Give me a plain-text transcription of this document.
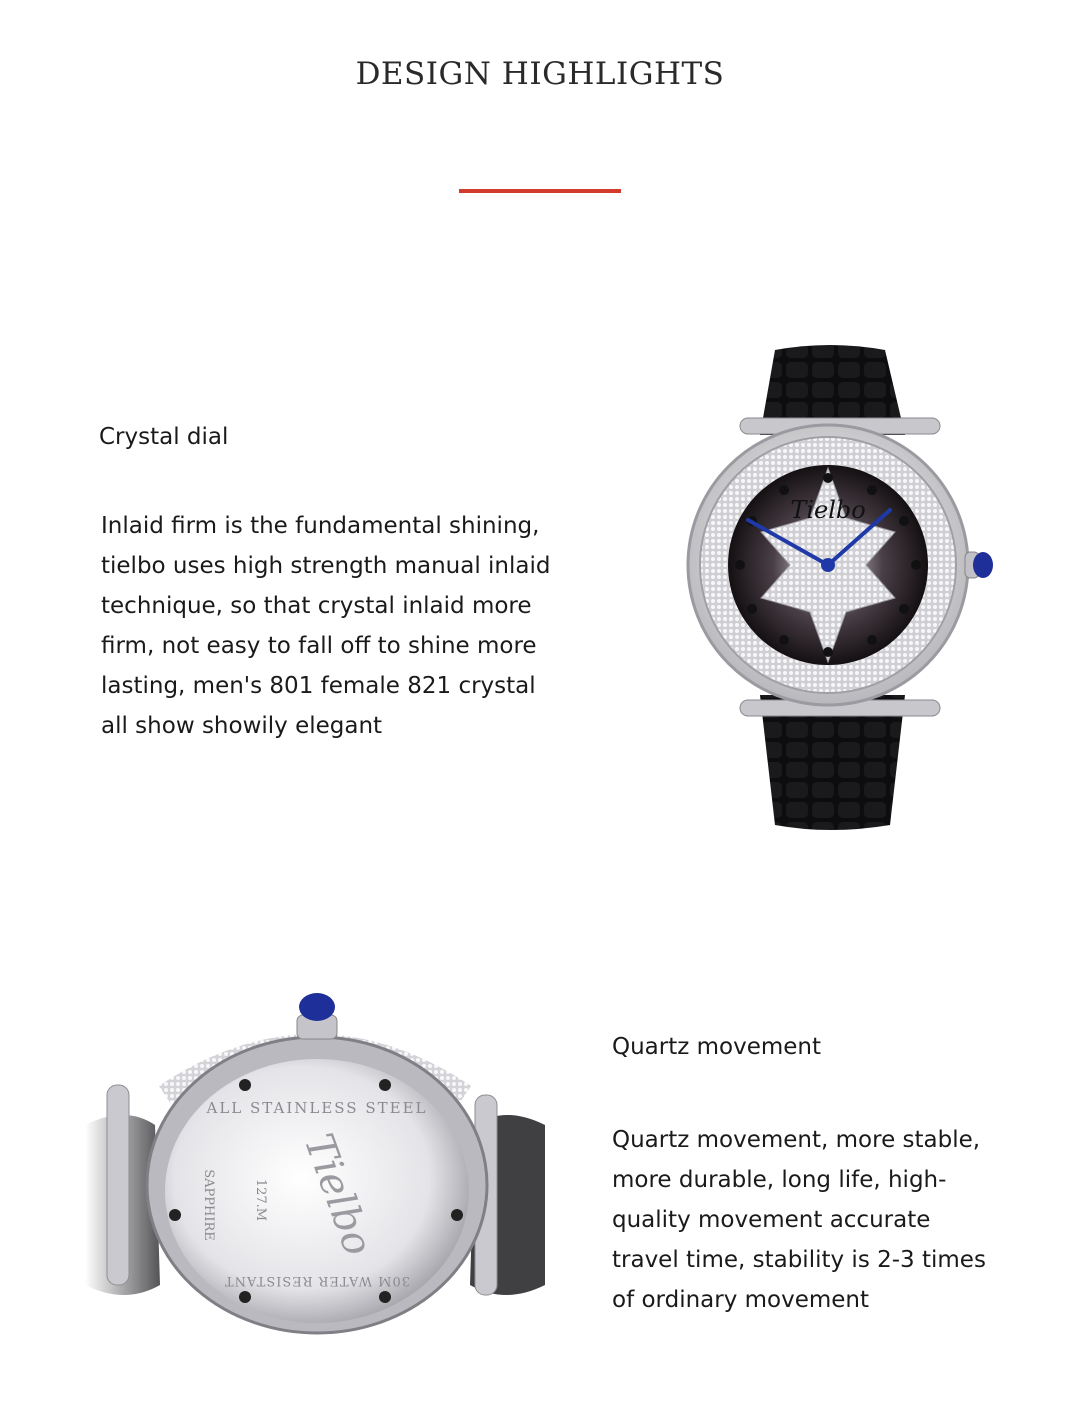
DESIGN HIGHLIGHTS
Crystal dial
Inlaid firm is the fundamental shining, tielbo uses high strength manual inlaid technique, so that crystal inlaid more firm, not easy to fall off to shine more lasting, men's 801 female 821 crystal all show showily elegant
Tielbo
ALL STAINLESS STEEL
SAPPHIRE	127.M
30M WATER RESISTANT
Tielbo
Quartz movement
Quartz movement, more stable, more durable, long life, high-quality movement accurate travel time, stability is 2-3 times of ordinary movement
